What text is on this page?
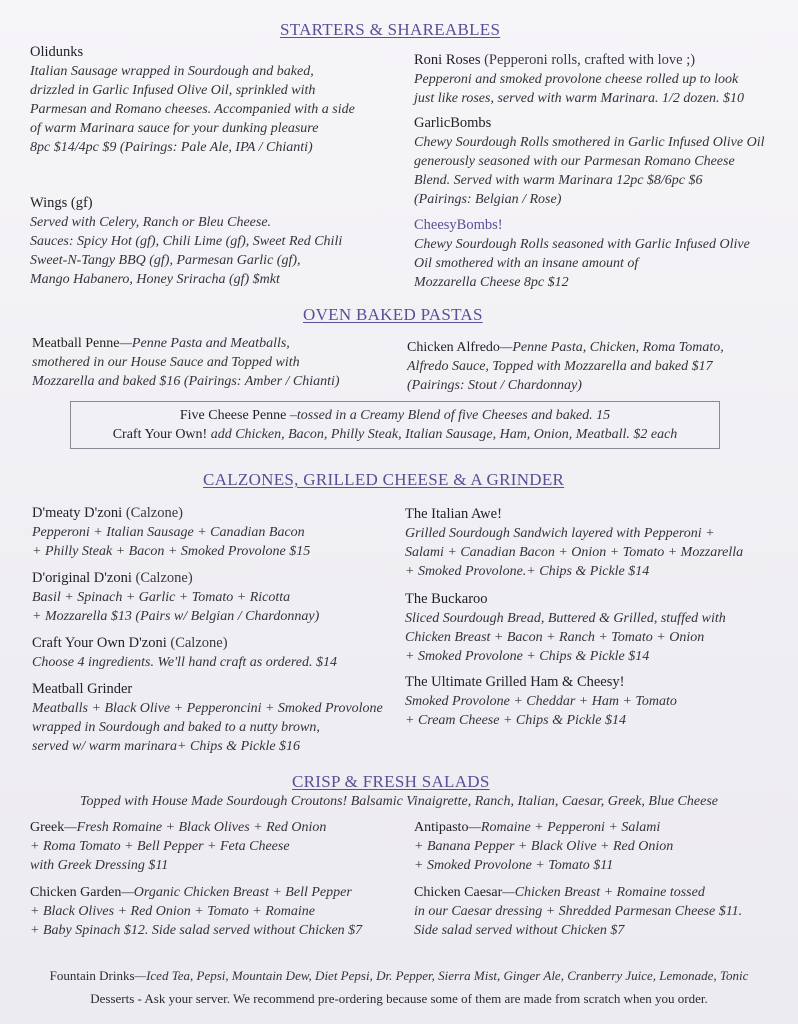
STARTERS & SHAREABLES
Olidunks
Italian Sausage wrapped in Sourdough and baked,
drizzled in Garlic Infused Olive Oil, sprinkled with
Parmesan and Romano cheeses. Accompanied with a side
of warm Marinara sauce for your dunking pleasure
8pc $14/4pc $9 (Pairings: Pale Ale, IPA / Chianti)
Wings (gf)
Served with Celery, Ranch or Bleu Cheese.
Sauces: Spicy Hot (gf), Chili Lime (gf), Sweet Red Chili
Sweet-N-Tangy BBQ (gf), Parmesan Garlic (gf),
Mango Habanero, Honey Sriracha (gf) $mkt
Roni Roses (Pepperoni rolls, crafted with love ;)
Pepperoni and smoked provolone cheese rolled up to look
just like roses, served with warm Marinara. 1/2 dozen. $10
GarlicBombs
Chewy Sourdough Rolls smothered in Garlic Infused Olive Oil
generously seasoned with our Parmesan Romano Cheese
Blend. Served with warm Marinara 12pc $8/6pc $6
(Pairings: Belgian / Rose)
CheesyBombs!
Chewy Sourdough Rolls seasoned with Garlic Infused Olive
Oil smothered with an insane amount of
Mozzarella Cheese 8pc $12
OVEN BAKED PASTAS
Meatball Penne—Penne Pasta and Meatballs,
smothered in our House Sauce and Topped with
Mozzarella and baked $16 (Pairings: Amber / Chianti)
Chicken Alfredo—Penne Pasta, Chicken, Roma Tomato,
Alfredo Sauce, Topped with Mozzarella and baked $17
(Pairings: Stout / Chardonnay)
Five Cheese Penne –tossed in a Creamy Blend of five Cheeses and baked. 15
Craft Your Own! add Chicken, Bacon, Philly Steak, Italian Sausage, Ham, Onion, Meatball. $2 each
CALZONES, GRILLED CHEESE & A GRINDER
D'meaty D'zoni (Calzone)
Pepperoni + Italian Sausage + Canadian Bacon
+ Philly Steak + Bacon + Smoked Provolone $15
D'original D'zoni (Calzone)
Basil + Spinach + Garlic + Tomato + Ricotta
+ Mozzarella $13 (Pairs w/ Belgian / Chardonnay)
Craft Your Own D'zoni (Calzone)
Choose 4 ingredients. We'll hand craft as ordered. $14
Meatball Grinder
Meatballs + Black Olive + Pepperoncini + Smoked Provolone
wrapped in Sourdough and baked to a nutty brown,
served w/ warm marinara+ Chips & Pickle $16
The Italian Awe!
Grilled Sourdough Sandwich layered with Pepperoni +
Salami + Canadian Bacon + Onion + Tomato + Mozzarella
+ Smoked Provolone.+ Chips & Pickle $14
The Buckaroo
Sliced Sourdough Bread, Buttered & Grilled, stuffed with
Chicken Breast + Bacon + Ranch + Tomato + Onion
+ Smoked Provolone + Chips & Pickle $14
The Ultimate Grilled Ham & Cheesy!
Smoked Provolone + Cheddar + Ham + Tomato
+ Cream Cheese + Chips & Pickle $14
CRISP & FRESH SALADS
Topped with House Made Sourdough Croutons! Balsamic Vinaigrette, Ranch, Italian, Caesar, Greek, Blue Cheese
Greek—Fresh Romaine + Black Olives + Red Onion
+ Roma Tomato + Bell Pepper + Feta Cheese
with Greek Dressing $11
Chicken Garden—Organic Chicken Breast + Bell Pepper
+ Black Olives + Red Onion + Tomato + Romaine
+ Baby Spinach $12. Side salad served without Chicken $7
Antipasto—Romaine + Pepperoni + Salami
+ Banana Pepper + Black Olive + Red Onion
+ Smoked Provolone + Tomato $11
Chicken Caesar—Chicken Breast + Romaine tossed
in our Caesar dressing + Shredded Parmesan Cheese $11.
Side salad served without Chicken $7
Fountain Drinks—Iced Tea, Pepsi, Mountain Dew, Diet Pepsi, Dr. Pepper, Sierra Mist, Ginger Ale, Cranberry Juice, Lemonade, Tonic
Desserts - Ask your server. We recommend pre-ordering because some of them are made from scratch when you order.
